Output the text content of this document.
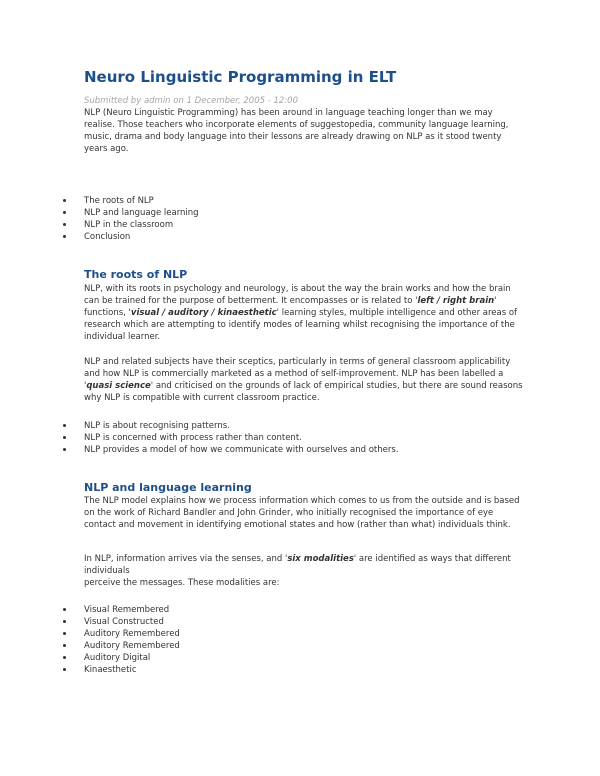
Neuro Linguistic Programming in ELT
Submitted by admin on 1 December, 2005 - 12:00

NLP (Neuro Linguistic Programming) has been around in language teaching longer than we may realise. Those teachers who incorporate elements of suggestopedia, community language learning, music, drama and body language into their lessons are already drawing on NLP as it stood twenty years ago.

The roots of NLP
NLP and language learning
NLP in the classroom
Conclusion
The roots of NLP

NLP, with its roots in psychology and neurology, is about the way the brain works and how the brain can be trained for the purpose of betterment. It encompasses or is related to 'left / right brain' functions, 'visual / auditory / kinaesthetic' learning styles, multiple intelligence and other areas of research which are attempting to identify modes of learning whilst recognising the importance of the individual learner.

NLP and related subjects have their sceptics, particularly in terms of general classroom applicability and how NLP is commercially marketed as a method of self-improvement. NLP has been labelled a 'quasi science' and criticised on the grounds of lack of empirical studies, but there are sound reasons why NLP is compatible with current classroom practice.

NLP is about recognising patterns.
NLP is concerned with process rather than content.
NLP provides a model of how we communicate with ourselves and others.
NLP and language learning

The NLP model explains how we process information which comes to us from the outside and is based on the work of Richard Bandler and John Grinder, who initially recognised the importance of eye contact and movement in identifying emotional states and how (rather than what) individuals think.

In NLP, information arrives via the senses, and 'six modalities' are identified as ways that different individuals
perceive the messages. These modalities are:

Visual Remembered
Visual Constructed
Auditory Remembered
Auditory Remembered
Auditory Digital
Kinaesthetic
